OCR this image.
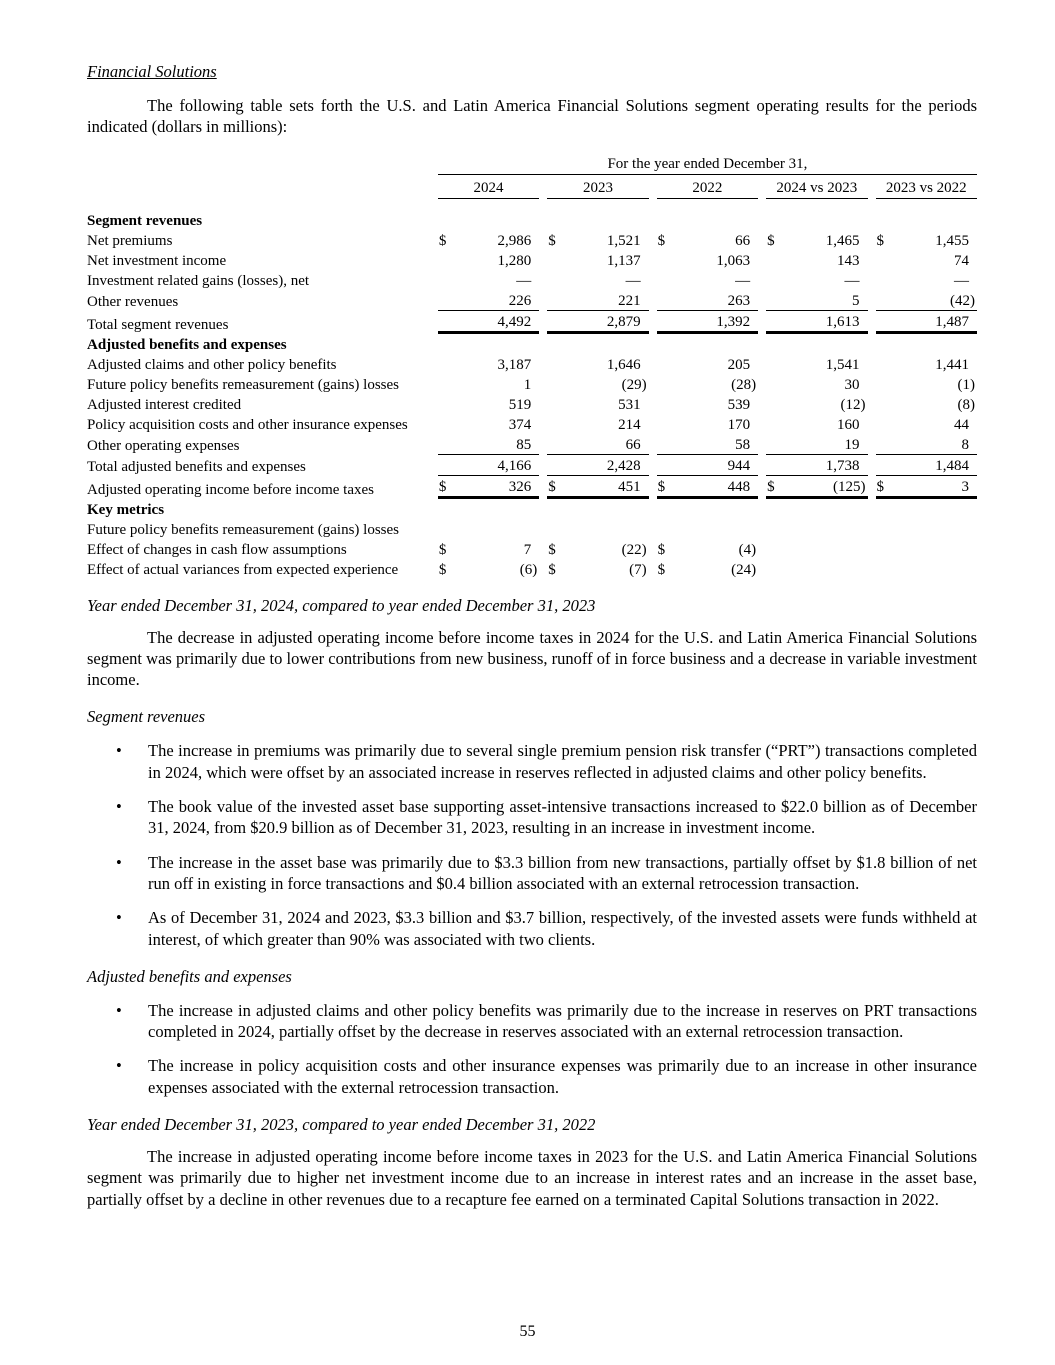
Financial Solutions

The following table sets forth the U.S. and Latin America Financial Solutions segment operating results for the periods indicated (dollars in millions):

	For the year ended December 31,				
	2024	2023	2022	2024 vs 2023	2023 vs 2022

Segment revenues	

Net premiums	$ 2,986	$ 1,521	$ 66	$ 1,465	$ 1,455

Net investment income	1,280	1,137	1,063	143	74

Investment related gains (losses), net	—	—	—	—	—

Other revenues	226	221	263	5	(42)

Total segment revenues	4,492	2,879	1,392	1,613	1,487

Adjusted benefits and expenses	

Adjusted claims and other policy benefits	3,187	1,646	205	1,541	1,441

Future policy benefits remeasurement (gains) losses	1	(29)	(28)	30	(1)

Adjusted interest credited	519	531	539	(12)	(8)

Policy acquisition costs and other insurance expenses	374	214	170	160	44

Other operating expenses	85	66	58	19	8

Total adjusted benefits and expenses	4,166	2,428	944	1,738	1,484

Adjusted operating income before income taxes	$ 326	$ 451	$ 448	$ (125)	$ 3

Key metrics	

Future policy benefits remeasurement (gains) losses	

Effect of changes in cash flow assumptions	$ 7	$ (22)	$ (4)		

Effect of actual variances from expected experience	$ (6)	$ (7)	$ (24)		

Year ended December 31, 2024, compared to year ended December 31, 2023

The decrease in adjusted operating income before income taxes in 2024 for the U.S. and Latin America Financial Solutions segment was primarily due to lower contributions from new business, runoff of in force business and a decrease in variable investment income.

Segment revenues
•	The increase in premiums was primarily due to several single premium pension risk transfer (“PRT”) transactions completed in 2024, which were offset by an associated increase in reserves reflected in adjusted claims and other policy benefits.
•	The book value of the invested asset base supporting asset-intensive transactions increased to $22.0 billion as of December 31, 2024, from $20.9 billion as of December 31, 2023, resulting in an increase in investment income.
•	The increase in the asset base was primarily due to $3.3 billion from new transactions, partially offset by $1.8 billion of net run off in existing in force transactions and $0.4 billion associated with an external retrocession transaction.
•	As of December 31, 2024 and 2023, $3.3 billion and $3.7 billion, respectively, of the invested assets were funds withheld at interest, of which greater than 90% was associated with two clients.
Adjusted benefits and expenses
•	The increase in adjusted claims and other policy benefits was primarily due to the increase in reserves on PRT transactions completed in 2024, partially offset by the decrease in reserves associated with an external retrocession transaction.
•	The increase in policy acquisition costs and other insurance expenses was primarily due to an increase in other insurance expenses associated with the external retrocession transaction.
Year ended December 31, 2023, compared to year ended December 31, 2022

The increase in adjusted operating income before income taxes in 2023 for the U.S. and Latin America Financial Solutions segment was primarily due to higher net investment income due to an increase in interest rates and an increase in the asset base, partially offset by a decline in other revenues due to a recapture fee earned on a terminated Capital Solutions transaction in 2022.

55
